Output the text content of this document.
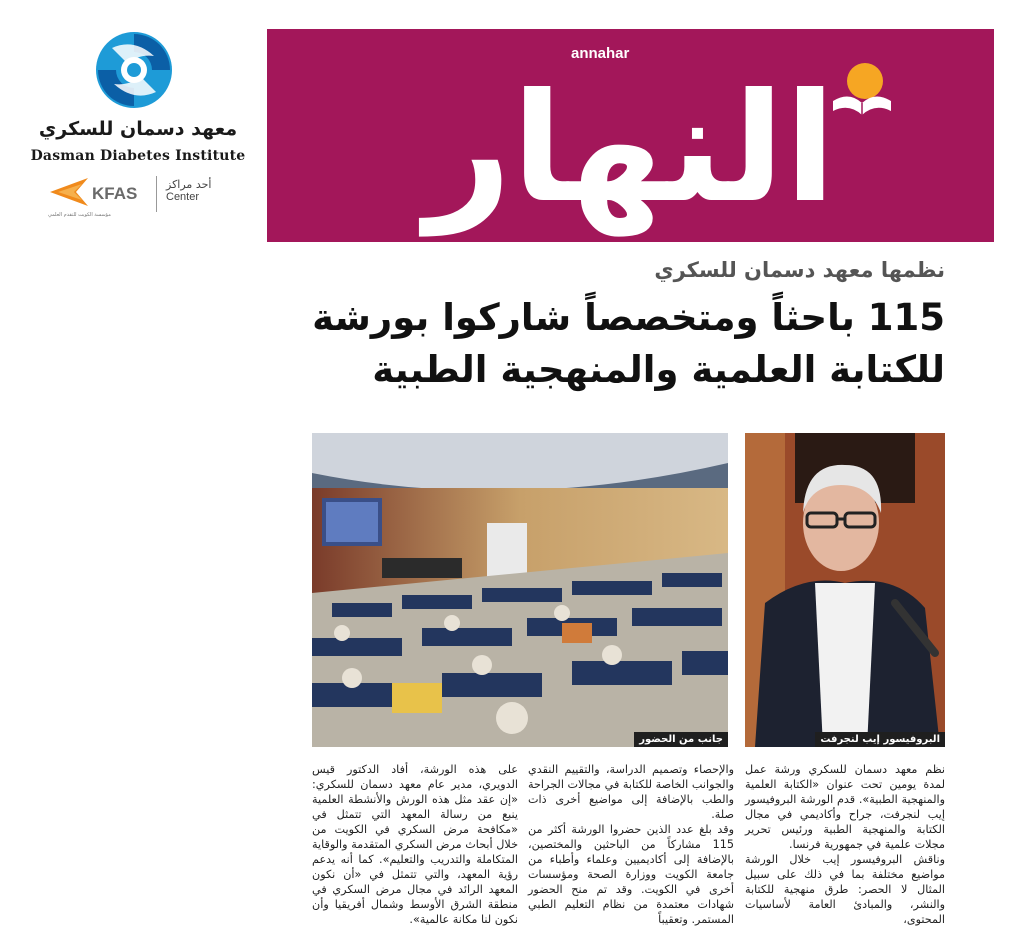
معهد دسمان للسكري
Dasman Diabetes Institute
KFAS
مؤسسة الكويت للتقدم العلمي
أحد مراكز
Center
annahar
النهار
نظمها معهد دسمان للسكري
115 باحثاً ومتخصصاً شاركوا بورشة للكتابة العلمية والمنهجية الطبية
جانب من الحضور	البروفيسور إيب لنجرفت

نظم معهد دسمان للسكري ورشة عمل لمدة يومين تحت عنوان «الكتابة العلمية والمنهجية الطبية». قدم الورشة البروفيسور إيب لنجرفت، جراح وأكاديمي في مجال الكتابة والمنهجية الطبية ورئيس تحرير مجلات علمية في جمهورية فرنسا.

وناقش البروفيسور إيب خلال الورشة مواضيع مختلفة بما في ذلك على سبيل المثال لا الحصر: طرق منهجية للكتابة والنشر، والمبادئ العامة لأساسيات المحتوى،

والإحصاء وتصميم الدراسة، والتقييم النقدي والجوانب الخاصة للكتابة في مجالات الجراحة والطب بالإضافة إلى مواضيع أخرى ذات صلة.

وقد بلغ عدد الذين حضروا الورشة أكثر من 115 مشاركاً من الباحثين والمختصين، بالإضافة إلى أكاديميين وعلماء وأطباء من جامعة الكويت ووزارة الصحة ومؤسسات أخرى في الكويت. وقد تم منح الحضور شهادات معتمدة من نظام التعليم الطبي المستمر. وتعقيباً

على هذه الورشة، أفاد الدكتور قيس الدويري، مدير عام معهد دسمان للسكري: «إن عقد مثل هذه الورش والأنشطة العلمية ينبع من رسالة المعهد التي تتمثل في «مكافحة مرض السكري في الكويت من خلال أبحاث مرض السكري المتقدمة والوقاية المتكاملة والتدريب والتعليم». كما أنه يدعم رؤية المعهد، والتي تتمثل في «أن نكون المعهد الرائد في مجال مرض السكري في منطقة الشرق الأوسط وشمال أفريقيا وأن نكون لنا مكانة عالمية».
